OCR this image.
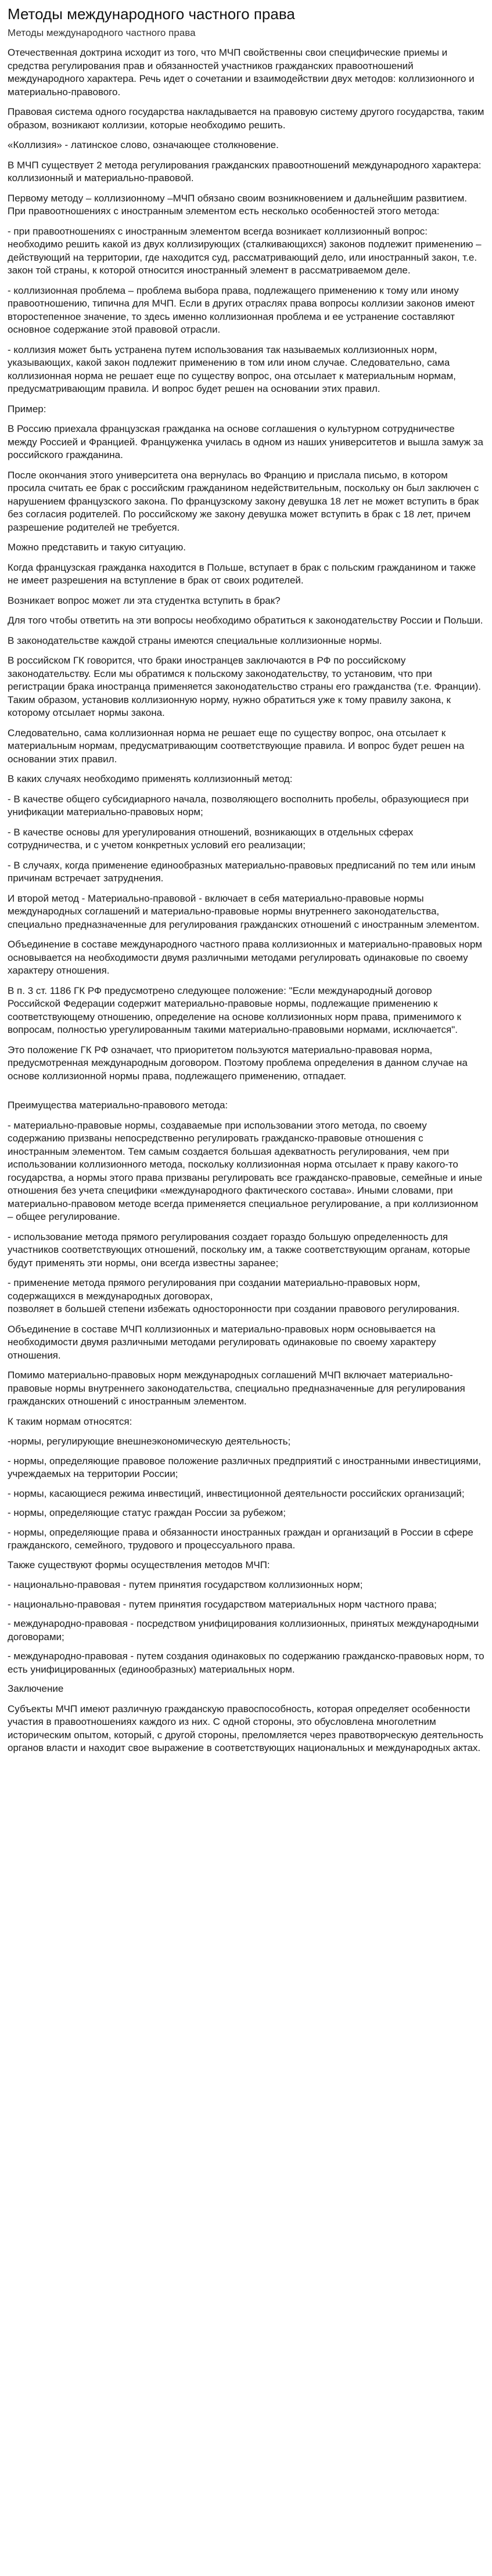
Методы международного частного права
Методы международного частного права

Отечественная доктрина исходит из того, что МЧП свойственны свои специфические приемы и средства регулирования прав и обязанностей участников гражданских правоотношений международного характера. Речь идет о сочетании и взаимодействии двух методов: коллизионного и материально-правового.

Правовая система одного государства накладывается на правовую систему другого государства, таким образом, возникают коллизии, которые необходимо решить.

«Коллизия» - латинское слово, означающее столкновение.

В МЧП существует 2 метода регулирования гражданских правоотношений международного характера: коллизионный и материально-правовой.

Первому методу – коллизионному –МЧП обязано своим возникновением и дальнейшим развитием. При правоотношениях с иностранным элементом есть несколько особенностей этого метода:

- при правоотношениях с иностранным элементом всегда возникает коллизионный вопрос: необходимо решить какой из двух коллизирующих (сталкивающихся) законов подлежит применению – действующий на территории, где находится суд, рассматривающий дело, или иностранный закон, т.е. закон той страны, к которой относится иностранный элемент в рассматриваемом деле.

- коллизионная проблема – проблема выбора права, подлежащего применению к тому или иному правоотношению, типична для МЧП. Если в других отраслях права вопросы коллизии законов имеют второстепенное значение, то здесь именно коллизионная проблема и ее устранение составляют основное содержание этой правовой отрасли.

- коллизия может быть устранена путем использования так называемых коллизионных норм, указывающих, какой закон подлежит применению в том или ином случае. Следовательно, сама коллизионная норма не решает еще по существу вопрос, она отсылает к материальным нормам, предусматривающим правила. И вопрос будет решен на основании этих правил.

Пример:

В Россию приехала французская гражданка на основе соглашения о культурном сотрудничестве между Россией и Францией. Француженка училась в одном из наших университетов и вышла замуж за российского гражданина.

После окончания этого университета она вернулась во Францию и прислала письмо, в котором просила считать ее брак с российским гражданином недействительным, поскольку он был заключен с нарушением французского закона. По французскому закону девушка 18 лет не может вступить в брак без согласия родителей. По российскому же закону девушка может вступить в брак с 18 лет, причем разрешение родителей не требуется.

Можно представить и такую ситуацию.

Когда французская гражданка находится в Польше, вступает в брак с польским гражданином и также не имеет разрешения на вступление в брак от своих родителей.

Возникает вопрос может ли эта студентка вступить в брак?

Для того чтобы ответить на эти вопросы необходимо обратиться к законодательству России и Польши.

В законодательстве каждой страны имеются специальные коллизионные нормы.

В российском ГК говорится, что браки иностранцев заключаются в РФ по российскому законодательству. Если мы обратимся к польскому законодательству, то установим, что при регистрации брака иностранца применяется законодательство страны его гражданства (т.е. Франции). Таким образом, установив коллизионную норму, нужно обратиться уже к тому правилу закона, к которому отсылает нормы закона.

Следовательно, сама коллизионная норма не решает еще по существу вопрос, она отсылает к материальным нормам, предусматривающим соответствующие правила. И вопрос будет решен на основании этих правил.

В каких случаях необходимо применять коллизионный метод:

- В качестве общего субсидиарного начала, позволяющего восполнить пробелы, образующиеся при унификации материально-правовых норм;

- В качестве основы для урегулирования отношений, возникающих в отдельных сферах сотрудничества, и с учетом конкретных условий его реализации;

- В случаях, когда применение единообразных материально-правовых предписаний по тем или иным причинам встречает затруднения.

И второй метод - Материально-правовой - включает в себя материально-правовые нормы международных соглашений и материально-правовые нормы внутреннего законодательства, специально предназначенные для регулирования гражданских отношений с иностранным элементом.

Объединение в составе международного частного права коллизионных и материально-правовых норм основывается на необходимости двумя различными методами регулировать одинаковые по своему характеру отношения.

В п. 3 ст. 1186 ГК РФ предусмотрено следующее положение: "Если международный договор Российской Федерации содержит материально-правовые нормы, подлежащие применению к соответствующему отношению, определение на основе коллизионных норм права, применимого к вопросам, полностью урегулированным такими материально-правовыми нормами, исключается".

Это положение ГК РФ означает, что приоритетом пользуются материально-правовая норма, предусмотренная международным договором. Поэтому проблема определения в данном случае на основе коллизионной нормы права, подлежащего применению, отпадает.

Преимущества материально-правового метода:

- материально-правовые нормы, создаваемые при использовании этого метода, по своему содержанию призваны непосредственно регулировать гражданско-правовые отношения с иностранным элементом. Тем самым создается большая адекватность регулирования, чем при использовании коллизионного метода, поскольку коллизионная норма отсылает к праву какого-то государства, а нормы этого права призваны регулировать все гражданско-правовые, семейные и иные отношения без учета специфики «международного фактического состава». Иными словами, при материально-правовом методе всегда применяется специальное регулирование, а при коллизионном – общее регулирование.

- использование метода прямого регулирования создает гораздо большую определенность для участников соответствующих отношений, поскольку им, а также соответствующим органам, которые будут применять эти нормы, они всегда известны заранее;

- применение метода прямого регулирования при создании материально-правовых норм, содержащихся в международных договорах,

позволяет в большей степени избежать односторонности при создании правового регулирования.

Объединение в составе МЧП коллизионных и материально-правовых норм основывается на необходимости двумя различными методами регулировать одинаковые по своему характеру отношения.

Помимо материально-правовых норм международных соглашений МЧП включает материально-правовые нормы внутреннего законодательства, специально предназначенные для регулирования гражданских отношений с иностранным элементом.

К таким нормам относятся:

-нормы, регулирующие внешнеэкономическую деятельность;

- нормы, определяющие правовое положение различных предприятий с иностранными инвестициями, учреждаемых на территории России;

- нормы, касающиеся режима инвестиций, инвестиционной деятельности российских организаций;

- нормы, определяющие статус граждан России за рубежом;

- нормы, определяющие права и обязанности иностранных граждан и организаций в России в сфере гражданского, семейного, трудового и процессуального права.

Также существуют формы осуществления методов МЧП:

- национально-правовая - путем принятия государством коллизионных норм;

- национально-правовая - путем принятия государством материальных норм частного права;

- международно-правовая - посредством унифицирования коллизионных, принятых международными договорами;

- международно-правовая - путем создания одинаковых по содержанию гражданско-правовых норм, то есть унифицированных (единообразных) материальных норм.

Заключение

Субъекты МЧП имеют различную гражданскую правоспособность, которая определяет особенности участия в правоотношениях каждого из них. С одной стороны, это обусловлена многолетним историческим опытом, который, с другой стороны, преломляется через правотворческую деятельность органов власти и находит свое выражение в соответствующих национальных и международных актах.
